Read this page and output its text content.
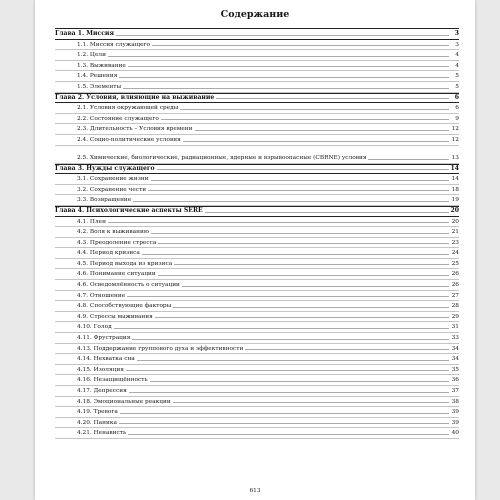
Содержание
Глава 1. Миссия	3
1.1. Миссия служащего	3
1.2. Цели	4
1.3. Выживание	4
1.4. Решения	5
1.5. Элементы	5
Глава 2. Условия, влияющие на выживание	6
2.1. Условия окружающей среды	6
2.2. Состояние служащего	9
2.3. Длительность – Условия времени	12
2.4. Социо-политические условия	12
2.5. Химические, биологические, радиационные, ядерные и взрывоопасные (CBRNE) условия	13
Глава 3. Нужды служащего	14
3.1. Сохранение жизни	14
3.2. Сохранение чести	18
3.3. Возвращение	19
Глава 4. Психологические аспекты SERE	20
4.1. Плен	20
4.2. Воля к выживанию	21
4.3. Преодоление стресса	23
4.4. Период кризиса	24
4.5. Период выхода из кризиса	25
4.6. Понимание ситуации	26
4.6. Осведомлённость о ситуации	26
4.7. Отношение	27
4.8. Способствующие факторы	28
4.9. Стрессы выживания	29
4.10. Голод	31
4.11. Фрустрация	33
4.13. Поддержание группового духа и эффективности	34
4.14. Нехватка сна	34
4.15. Изоляция	35
4.16. Незащищённость	36
4.17. Депрессия	37
4.18. Эмоциональные реакции	38
4.19. Тревога	39
4.20. Паника	39
4.21. Ненависть	40
613
